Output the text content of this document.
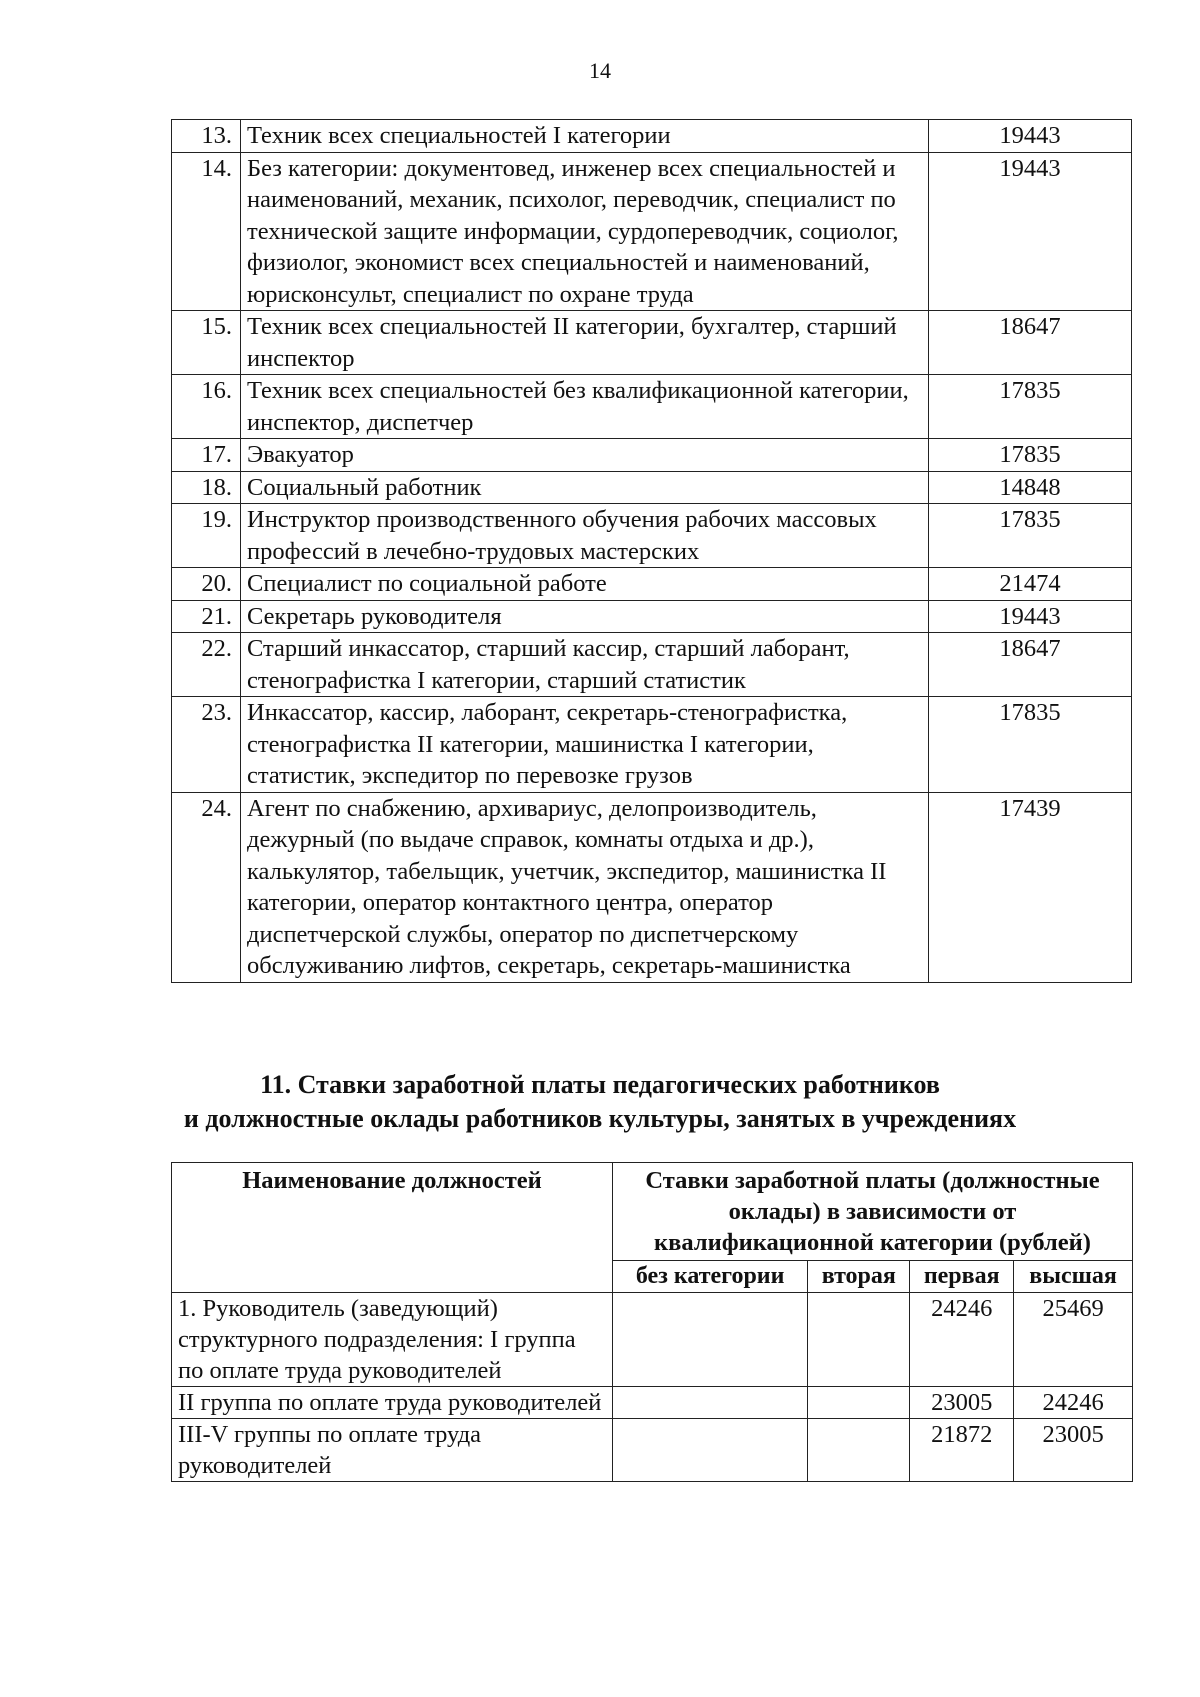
14
13.	Техник всех специальностей I категории	19443
14.	Без категории: документовед, инженер всех специальностей и наименований, механик, психолог, переводчик, специалист по технической защите информации, сурдопереводчик, социолог, физиолог, экономист всех специальностей и наименований, юрисконсульт, специалист по охране труда	19443
15.	Техник всех специальностей II категории, бухгалтер, старший инспектор	18647
16.	Техник всех специальностей без квалификационной категории, инспектор, диспетчер	17835
17.	Эвакуатор	17835
18.	Социальный работник	14848
19.	Инструктор производственного обучения рабочих массовых профессий в лечебно-трудовых мастерских	17835
20.	Специалист по социальной работе	21474
21.	Секретарь руководителя	19443
22.	Старший инкассатор, старший кассир, старший лаборант, стенографистка I категории, старший статистик	18647
23.	Инкассатор, кассир, лаборант, секретарь-стенографистка, стенографистка II категории, машинистка I категории, статистик, экспедитор по перевозке грузов	17835
24.	Агент по снабжению, архивариус, делопроизводитель, дежурный (по выдаче справок, комнаты отдыха и др.), калькулятор, табельщик, учетчик, экспедитор, машинистка II категории, оператор контактного центра, оператор диспетчерской службы, оператор по диспетчерскому обслуживанию лифтов, секретарь, секретарь-машинистка	17439
11. Ставки заработной платы педагогических работников
и должностные оклады работников культуры, занятых в учреждениях
Наименование должностей	Ставки заработной платы (должностные оклады) в зависимости от квалификационной категории (рублей)			
	без категории	вторая	первая	высшая
1. Руководитель (заведующий) структурного подразделения: I группа по оплате труда руководителей			24246	25469
II группа по оплате труда руководителей			23005	24246
III-V группы по оплате труда руководителей			21872	23005
